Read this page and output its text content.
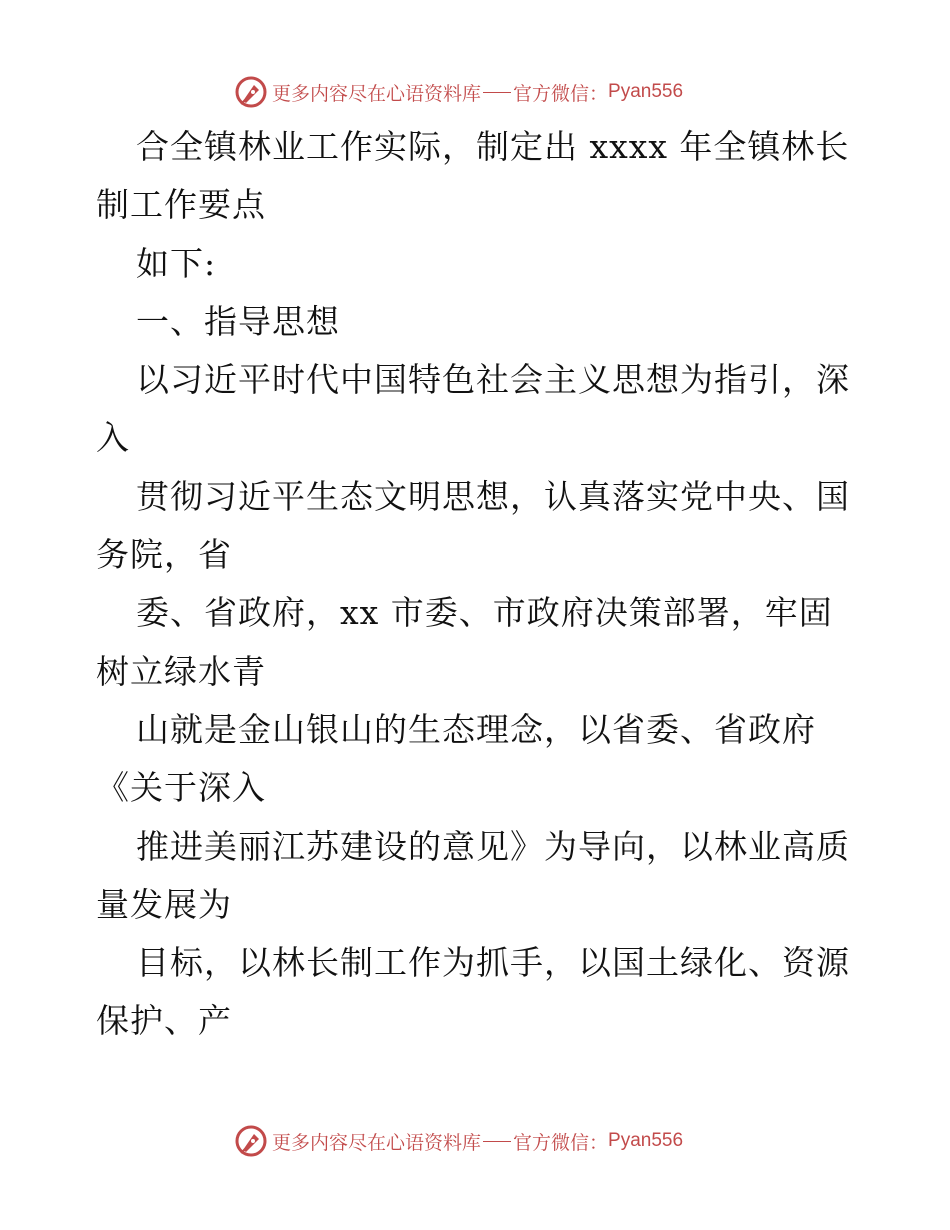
更多内容尽在心语资料库 官方微信： Pyan556
合全镇林业工作实际，制定出 xxxx 年全镇林长
制工作要点
如下:
一、指导思想
以习近平时代中国特色社会主义思想为指引，深
入
贯彻习近平生态文明思想，认真落实党中央、国
务院，省
委、省政府，xx 市委、市政府决策部署，牢固
树立绿水青
山就是金山银山的生态理念，以省委、省政府
《关于深入
推进美丽江苏建设的意见》为导向，以林业高质
量发展为
目标，以林长制工作为抓手，以国土绿化、资源
保护、产
更多内容尽在心语资料库 官方微信： Pyan556
